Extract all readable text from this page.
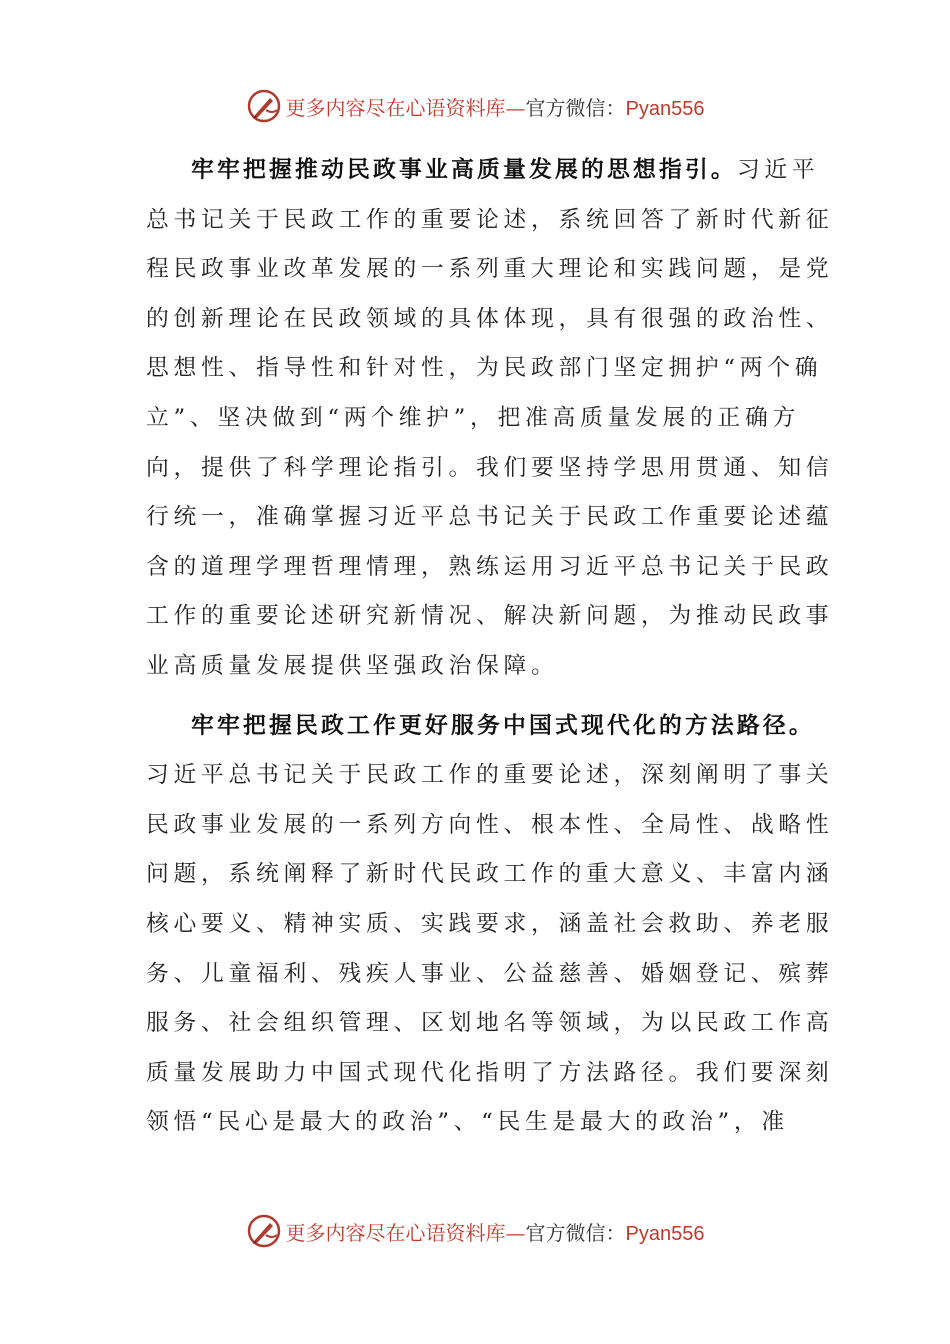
更多内容尽在心语资料库—官方微信：Pyan556
牢牢把握推动民政事业高质量发展的思想指引。习近平
总书记关于民政工作的重要论述，系统回答了新时代新征
程民政事业改革发展的一系列重大理论和实践问题，是党
的创新理论在民政领域的具体体现，具有很强的政治性、
思想性、指导性和针对性，为民政部门坚定拥护“两个确
立”、坚决做到“两个维护”，把准高质量发展的正确方
向，提供了科学理论指引。我们要坚持学思用贯通、知信
行统一，准确掌握习近平总书记关于民政工作重要论述蕴
含的道理学理哲理情理，熟练运用习近平总书记关于民政
工作的重要论述研究新情况、解决新问题，为推动民政事
业高质量发展提供坚强政治保障。
牢牢把握民政工作更好服务中国式现代化的方法路径。
习近平总书记关于民政工作的重要论述，深刻阐明了事关
民政事业发展的一系列方向性、根本性、全局性、战略性
问题，系统阐释了新时代民政工作的重大意义、丰富内涵
核心要义、精神实质、实践要求，涵盖社会救助、养老服
务、儿童福利、残疾人事业、公益慈善、婚姻登记、殡葬
服务、社会组织管理、区划地名等领域，为以民政工作高
质量发展助力中国式现代化指明了方法路径。我们要深刻
领悟“民心是最大的政治”、“民生是最大的政治”，准
更多内容尽在心语资料库—官方微信：Pyan556
